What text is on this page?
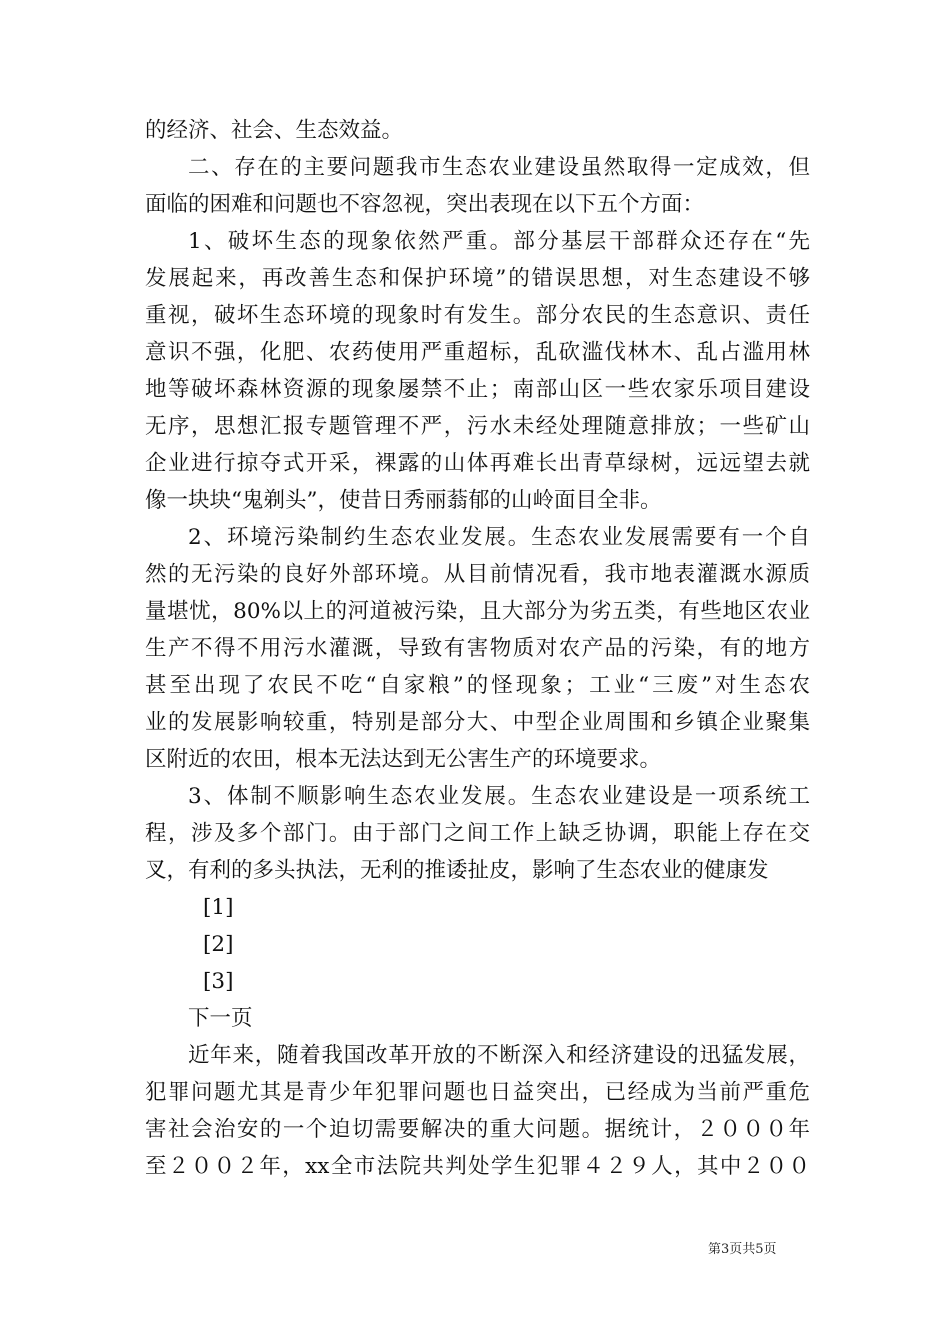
的经济、社会、生态效益。
二、存在的主要问题我市生态农业建设虽然取得一定成效，但
面临的困难和问题也不容忽视，突出表现在以下五个方面：
1、破坏生态的现象依然严重。部分基层干部群众还存在“先
发展起来，再改善生态和保护环境”的错误思想，对生态建设不够
重视，破坏生态环境的现象时有发生。部分农民的生态意识、责任
意识不强，化肥、农药使用严重超标，乱砍滥伐林木、乱占滥用林
地等破坏森林资源的现象屡禁不止；南部山区一些农家乐项目建设
无序，思想汇报专题管理不严，污水未经处理随意排放；一些矿山
企业进行掠夺式开采，裸露的山体再难长出青草绿树，远远望去就
像一块块“鬼剃头”，使昔日秀丽蓊郁的山岭面目全非。
2、环境污染制约生态农业发展。生态农业发展需要有一个自
然的无污染的良好外部环境。从目前情况看，我市地表灌溉水源质
量堪忧，80%以上的河道被污染，且大部分为劣五类，有些地区农业
生产不得不用污水灌溉，导致有害物质对农产品的污染，有的地方
甚至出现了农民不吃“自家粮”的怪现象；工业“三废”对生态农
业的发展影响较重，特别是部分大、中型企业周围和乡镇企业聚集
区附近的农田，根本无法达到无公害生产的环境要求。
3、体制不顺影响生态农业发展。生态农业建设是一项系统工
程，涉及多个部门。由于部门之间工作上缺乏协调，职能上存在交
叉，有利的多头执法，无利的推诿扯皮，影响了生态农业的健康发
[1]
[2]
[3]
下一页
近年来，随着我国改革开放的不断深入和经济建设的迅猛发展，
犯罪问题尤其是青少年犯罪问题也日益突出，已经成为当前严重危
害社会治安的一个迫切需要解决的重大问题。据统计，２０００年
至２００２年，xx全市法院共判处学生犯罪４２９人，其中２００
第3页共5页
